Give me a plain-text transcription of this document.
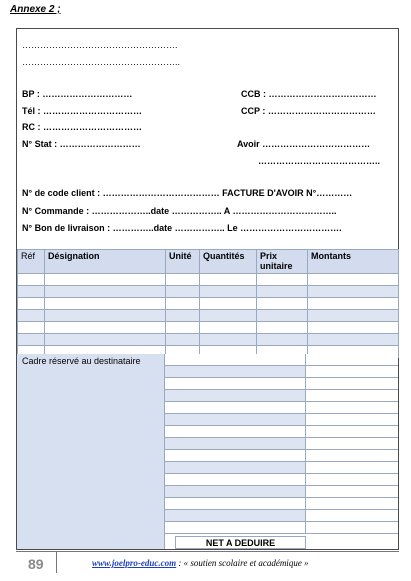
Annexe 2 ;
…………………………………………….
……………………………………………..
BP : …………………………	CCB : ………………………………
Tél : ……………………………	CCP : ………………………………
RC : ……………………………
N° Stat : ………………………	Avoir ………………………………
…………………………………..
N° de code client : ………………………………… FACTURE D'AVOIR N°…………
N° Commande : ………………..date …………….. A ……………………………..
N° Bon de livraison : …………..date …………….. Le …………………………….
Réf	Désignation	Unité	Quantités	Prix unitaire	Montants

Cadre réservé au destinataire
NET A DEDUIRE
89	www.joelpro-educ.com : « soutien scolaire et académique »
